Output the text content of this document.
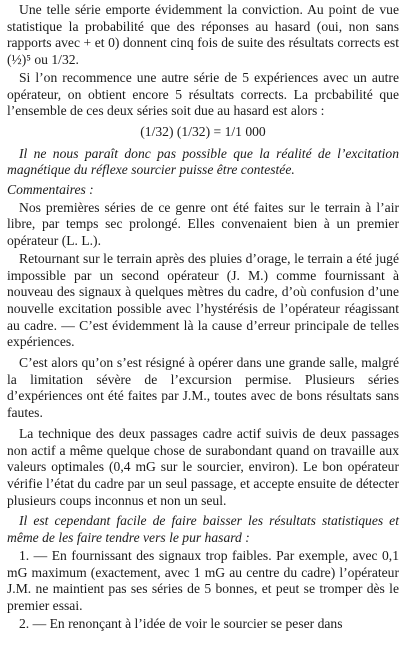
Une telle série emporte évidemment la conviction. Au point de vue statistique la probabilité que des réponses au hasard (oui, non sans rapports avec + et 0) donnent cinq fois de suite des résultats corrects est (½)⁵ ou 1/32.

Si l’on recommence une autre série de 5 expériences avec un autre opérateur, on obtient encore 5 résultats corrects. La prcbabilité que l’ensemble de ces deux séries soit due au hasard est alors :

(1/32) (1/32) = 1/1 000

Il ne nous paraît donc pas possible que la réalité de l’excitation magnétique du réflexe sourcier puisse être contestée.

Commentaires :

Nos premières séries de ce genre ont été faites sur le terrain à l’air libre, par temps sec prolongé. Elles convenaient bien à un premier opérateur (L. L.).

Retournant sur le terrain après des pluies d’orage, le terrain a été jugé impossible par un second opérateur (J. M.) comme fournissant à nouveau des signaux à quelques mètres du cadre, d’où confusion d’une nouvelle excitation possible avec l’hystérésis de l’opérateur réagissant au cadre. — C’est évidemment là la cause d’erreur principale de telles expériences.

C’est alors qu’on s’est résigné à opérer dans une grande salle, malgré la limitation sévère de l’excursion permise. Plusieurs séries d’expériences ont été faites par J.M., toutes avec de bons résultats sans fautes.

La technique des deux passages cadre actif suivis de deux passages non actif a même quelque chose de surabondant quand on travaille aux valeurs optimales (0,4 mG sur le sourcier, environ). Le bon opérateur vérifie l’état du cadre par un seul passage, et accepte ensuite de détecter plusieurs coups inconnus et non un seul.

Il est cependant facile de faire baisser les résultats statistiques et même de les faire tendre vers le pur hasard :

1. — En fournissant des signaux trop faibles. Par exemple, avec 0,1 mG maximum (exactement, avec 1 mG au centre du cadre) l’opérateur J.M. ne maintient pas ses séries de 5 bonnes, et peut se tromper dès le premier essai.

2. — En renonçant à l’idée de voir le sourcier se peser dans
